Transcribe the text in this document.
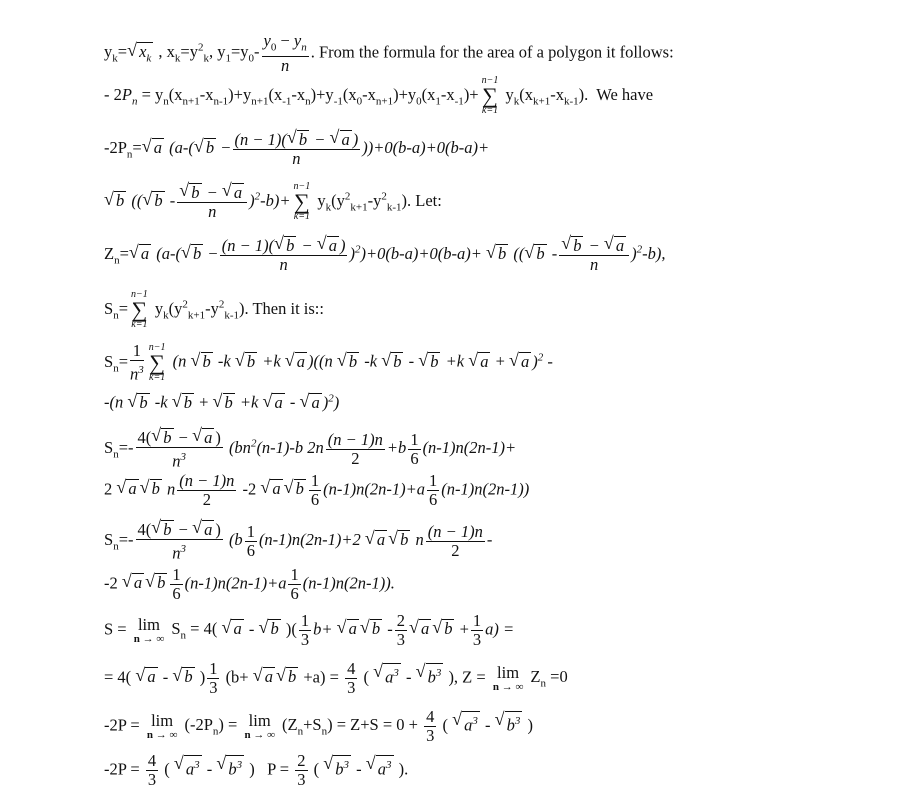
$y_k=√$ $x_k$ , $x_k=y^2_k$, $y_1=y_0- \frac{y_0 - y_n}{n}$ . From the formula for the area of a polygon it follows:
- $2P_n = y_n(x_{n+1}-x_{n-1})+y_{n+1}(x_{-1}-x_n)+y_{-1}(x_0-x_{n+1})+y_0(x_1-x_{-1})+$
n−1
∑
k=1
$y_k(x_{k+1}-x_{k-1})$.  We have
$-2P_n=√$ a (a-(√ $b - \frac{(n - 1)(√ b - √ a )}{n} ))+0(b-a)+0(b-a)+$
√ b ((√ b -
√ $\frac{b - √ a}{n} )^2-b)+$
n−1
∑
k=1
$y_k(y^2_{k+1}-y^2_{k-1})$. Let:
$Z_n=√$ a (a-(√ $b - \frac{(n - 1)(√ b - √ a )}{n} )^2)+0(b-a)+0(b-a)+$ √ b ((√ b -
√ $\frac{b - √ a}{n} )^2-b$),
$S_n=$
n−1
∑
k=1
$y_k(y^2_{k+1}-y^2_{k-1})$. Then it is::
$S_n= \frac{1}{n^3} n-1$
∑
k=1
(n √ b -k √ b +k √ a )((n √ b -k √ b - √ b +k √ a + √ a )$^2$ -
-(n √ b -k √ b + √ b +k √ a - √ a )$^2$)
$S_n=- \frac{4(√ b - √ a )}{n^3} (bn^2(n-1)-b$ $2n \frac{(n - 1)n}{2} +b \frac{1}{6} (n-1)n(2n-1)+$
2 √ a√ b n $\frac{(n - 1)n}{2} -2$ √ a√ b $\frac{1}{6} (n-1)n(2n-1)+a \frac{1}{6} (n-1)n(2n-1)$)
$S_n=- \frac{4(√ b - √ a )}{n^3} (b \frac{1}{6} (n-1)n(2n-1)+2$ √ a√ b n $\frac{(n - 1)n}{2}$ -
-2 √ a√ b $\frac{1}{6} (n-1)n(2n-1)+a \frac{1}{6} (n-1)n(2n-1)$).
S = lim
n → ∞
$S_n = 4$( √ a - √ b )( $\frac{1}{3} b+$ √ a√ b - $\frac{2}{3}$
√ a√ $b + \frac{1}{3} a$) =
= 4( √ a - √ b ) $\frac{1}{3} (b+$ √ a√ $b +a) = \frac{4}{3}$ ( √ $a^3$ - √ $b^3$ ), Z = lim
n → ∞
$Z_n =0$
-2P = lim
n → ∞
$(-2P_n) = \lim$
n → ∞
$(Z_n+S_n) = Z+S = 0 + \frac{4}{3}$ ( √ $a^3$ - √ $b^3$ )
$-2P = \frac{4}{3}$ ( √ $a^3$ - √ $b^3$ )   $P = \frac{2}{3}$ ( √ $b^3$ - √ $a^3$ ).
